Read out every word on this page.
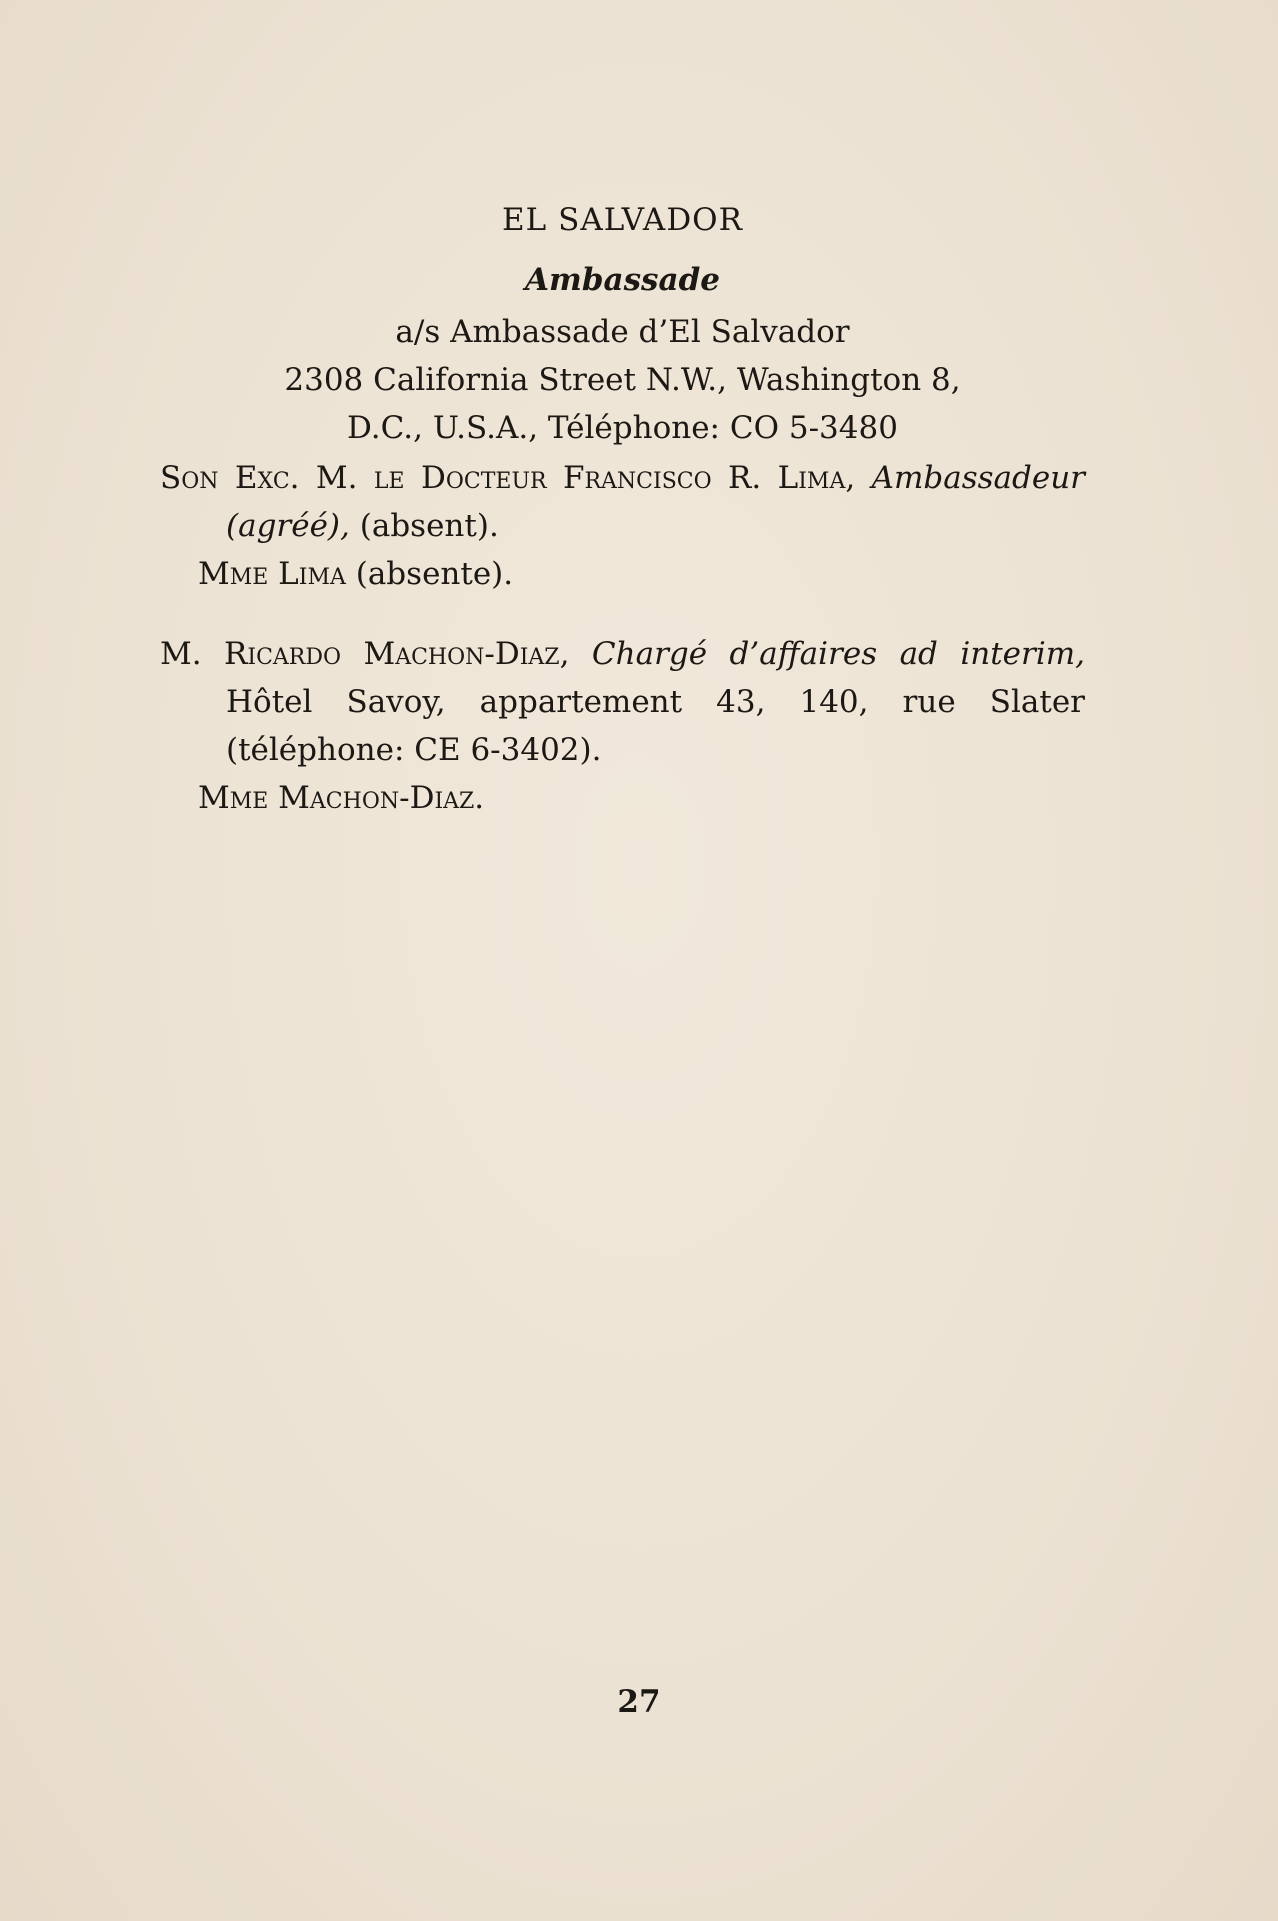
EL SALVADOR

Ambassade

a/s Ambassade d’El Salvador

2308 California Street N.W., Washington 8,

D.C., U.S.A., Téléphone: CO 5-3480

Son Exc. M. le Docteur Francisco R. Lima, Ambassadeur (agréé), (absent).

Mme Lima (absente).

M. Ricardo Machon-Diaz, Chargé d’affaires ad interim, Hôtel Savoy, appartement 43, 140, rue Slater (téléphone: CE 6-3402).

Mme Machon-Diaz.

27
